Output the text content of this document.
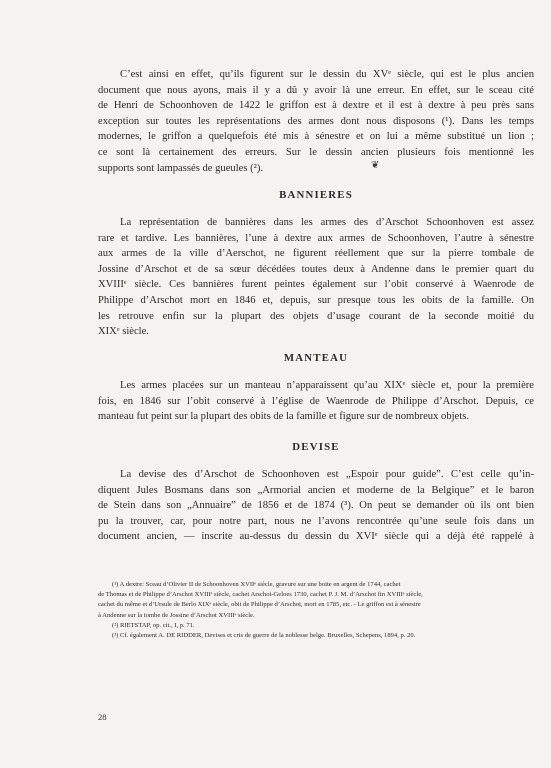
C’est ainsi en effet, qu’ils figurent sur le dessin du XVᵉ siècle, qui est le plus ancien
document que nous ayons, mais il y a dû y avoir là une erreur. En effet, sur le sceau cité
de Henri de Schoonhoven de 1422 le griffon est à dextre et il est à dextre à peu près sans
exception sur toutes les représentations des armes dont nous disposons (¹). Dans les temps
modernes, le griffon a quelquefois été mis à sénestre et on lui a même substitué un lion ;
ce sont là certainement des erreurs. Sur le dessin ancien plusieurs fois mentionné les
supports sont lampassés de gueules (²).	❦
BANNIERES

La représentation de bannières dans les armes des d’Arschot Schoonhoven est assez
rare et tardive. Les bannières, l’une à dextre aux armes de Schoonhoven, l’autre à sénestre
aux armes de la ville d’Aerschot, ne figurent réellement que sur la pierre tombale de
Jossine d’Arschot et de sa sœur décédées toutes deux à Andenne dans le premier quart du
XVIIIᵉ siècle. Ces bannières furent peintes également sur l’obit conservé à Waenrode de
Philippe d’Arschot mort en 1846 et, depuis, sur presque tous les obits de la famille. On
les retrouve enfin sur la plupart des objets d’usage courant de la seconde moitié du
XIXᵉ siècle.

MANTEAU

Les armes placées sur un manteau n’apparaissent qu’au XIXᵉ siècle et, pour la première
fois, en 1846 sur l’obit conservé à l’église de Waenrode de Philippe d’Arschot. Depuis, ce
manteau fut peint sur la plupart des obits de la famille et figure sur de nombreux objets.

DEVISE

La devise des d’Arschot de Schoonhoven est „Espoir pour guide”. C’est celle qu’in-
diquent Jules Bosmans dans son „Armorial ancien et moderne de la Belgique” et le baron
de Stein dans son „Annuaire” de 1856 et de 1874 (³). On peut se demander où ils ont bien
pu la trouver, car, pour notre part, nous ne l’avons rencontrée qu’une seule fois dans un
document ancien, — inscrite au-dessus du dessin du XVIᵉ siècle qui a déjà été rappelé à

(¹) A dextre: Sceau d’Olivier II de Schoonhoven XVIIᵉ siècle, gravure sur une boite en argent de 1744, cachet
de Thomas et de Philippe d’Arschot XVIIIᵉ siècle, cachet Arschot-Geloes 1730, cachet P. J. M. d’Arschot fin XVIIIᵉ siècle,
cachet du même et d’Ursule de Berlo XIXᵉ siècle, obit de Philippe d’Arschot, mort en 1785, etc. - Le griffon est à sénestre
à Andenne sur la tombe de Jossine d’Arschot XVIIIᵉ siècle.
(²) RIETSTAP, op. cit., I, p. 71.
(³) Cf. également A. DE RIDDER, Devises et cris de guerre de la noblesse belge. Bruxelles, Schepens, 1894, p. 20.

28
